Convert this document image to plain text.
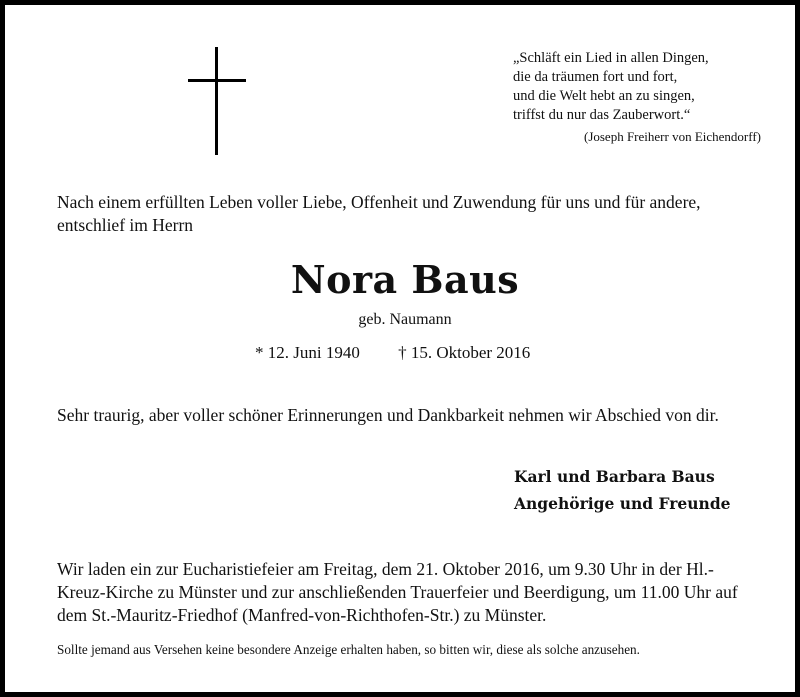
„Schläft ein Lied in allen Dingen,
die da träumen fort und fort,
und die Welt hebt an zu singen,
triffst du nur das Zauberwort.“
(Joseph Freiherr von Eichendorff)
Nach einem erfüllten Leben voller Liebe, Offenheit und Zuwendung für uns und für andere, entschlief im Herrn
Nora Baus
geb. Naumann
* 12. Juni 1940 † 15. Oktober 2016
Sehr traurig, aber voller schöner Erinnerungen und Dankbarkeit nehmen wir Abschied von dir.
Karl und Barbara Baus
Angehörige und Freunde
Wir laden ein zur Eucharistiefeier am Freitag, dem 21. Oktober 2016, um 9.30 Uhr in der Hl.-Kreuz-Kirche zu Münster und zur anschließenden Trauerfeier und Beerdigung, um 11.00 Uhr auf dem St.-Mauritz-Friedhof (Manfred-von-Richthofen-Str.) zu Münster.
Sollte jemand aus Versehen keine besondere Anzeige erhalten haben, so bitten wir, diese als solche anzusehen.
